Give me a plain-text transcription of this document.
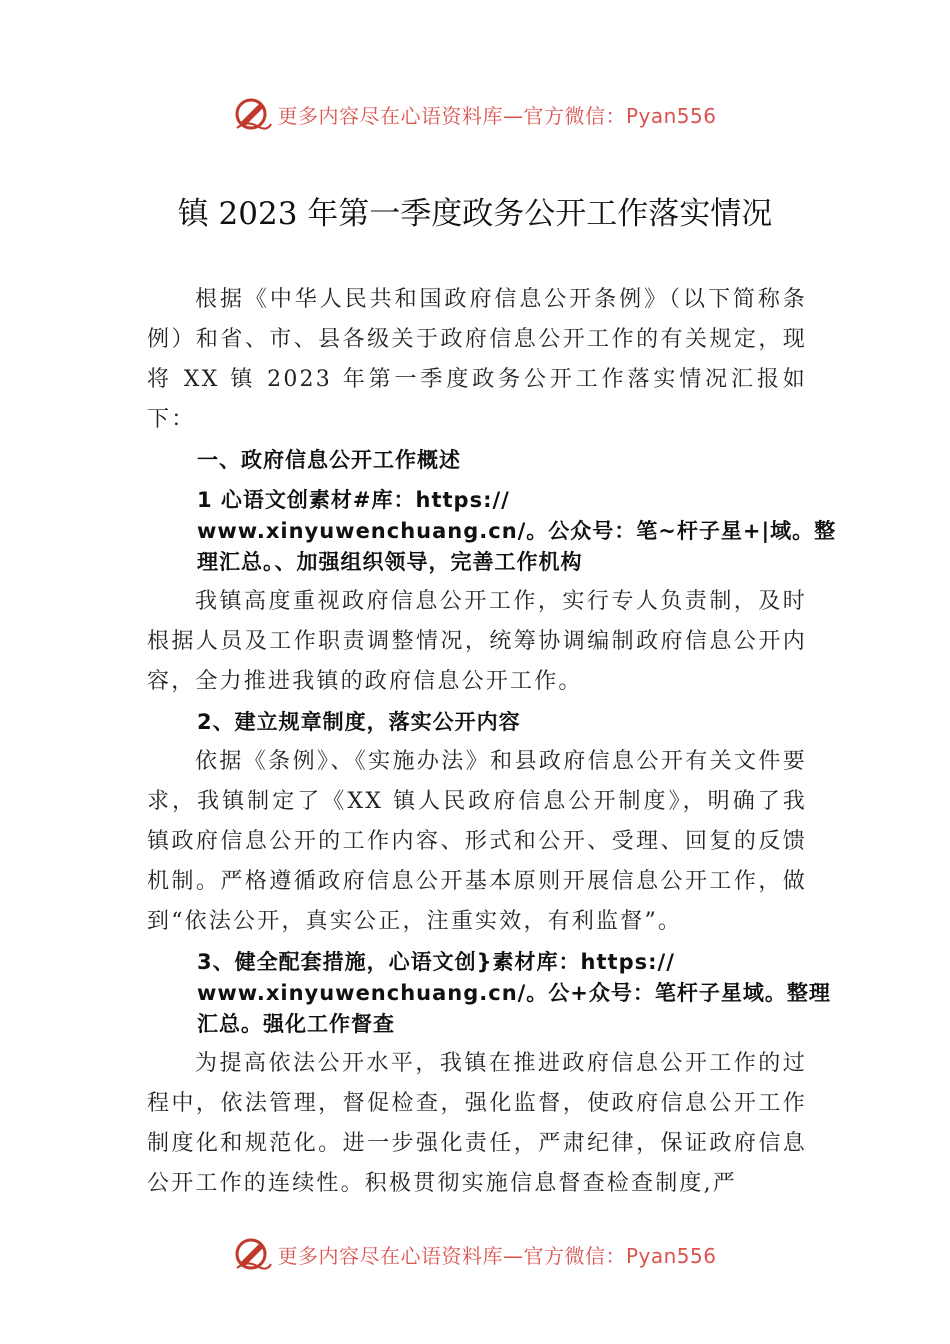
更多内容尽在心语资料库—官方微信：Pyan556
镇 2023 年第一季度政务公开工作落实情况

根据《中华人民共和国政府信息公开条例》（以下简称条例）和省、市、县各级关于政府信息公开工作的有关规定，现将 XX 镇 2023 年第一季度政务公开工作落实情况汇报如下：

一、政府信息公开工作概述

1 心语文创素材#库：https://
www.xinyuwenchuang.cn/。公众号：笔~杆子星+|域。整
理汇总。、加强组织领导，完善工作机构

我镇高度重视政府信息公开工作，实行专人负责制，及时根据人员及工作职责调整情况，统筹协调编制政府信息公开内容，全力推进我镇的政府信息公开工作。

2、建立规章制度，落实公开内容

依据《条例》、《实施办法》和县政府信息公开有关文件要求，我镇制定了《XX 镇人民政府信息公开制度》，明确了我镇政府信息公开的工作内容、形式和公开、受理、回复的反馈机制。严格遵循政府信息公开基本原则开展信息公开工作，做到“依法公开，真实公正，注重实效，有利监督”。

3、健全配套措施，心语文创}素材库：https://
www.xinyuwenchuang.cn/。公+众号：笔杆子星域。整理
汇总。强化工作督查

为提高依法公开水平，我镇在推进政府信息公开工作的过程中，依法管理，督促检查，强化监督，使政府信息公开工作制度化和规范化。进一步强化责任，严肃纪律，保证政府信息公开工作的连续性。积极贯彻实施信息督查检查制度,严

更多内容尽在心语资料库—官方微信：Pyan556
